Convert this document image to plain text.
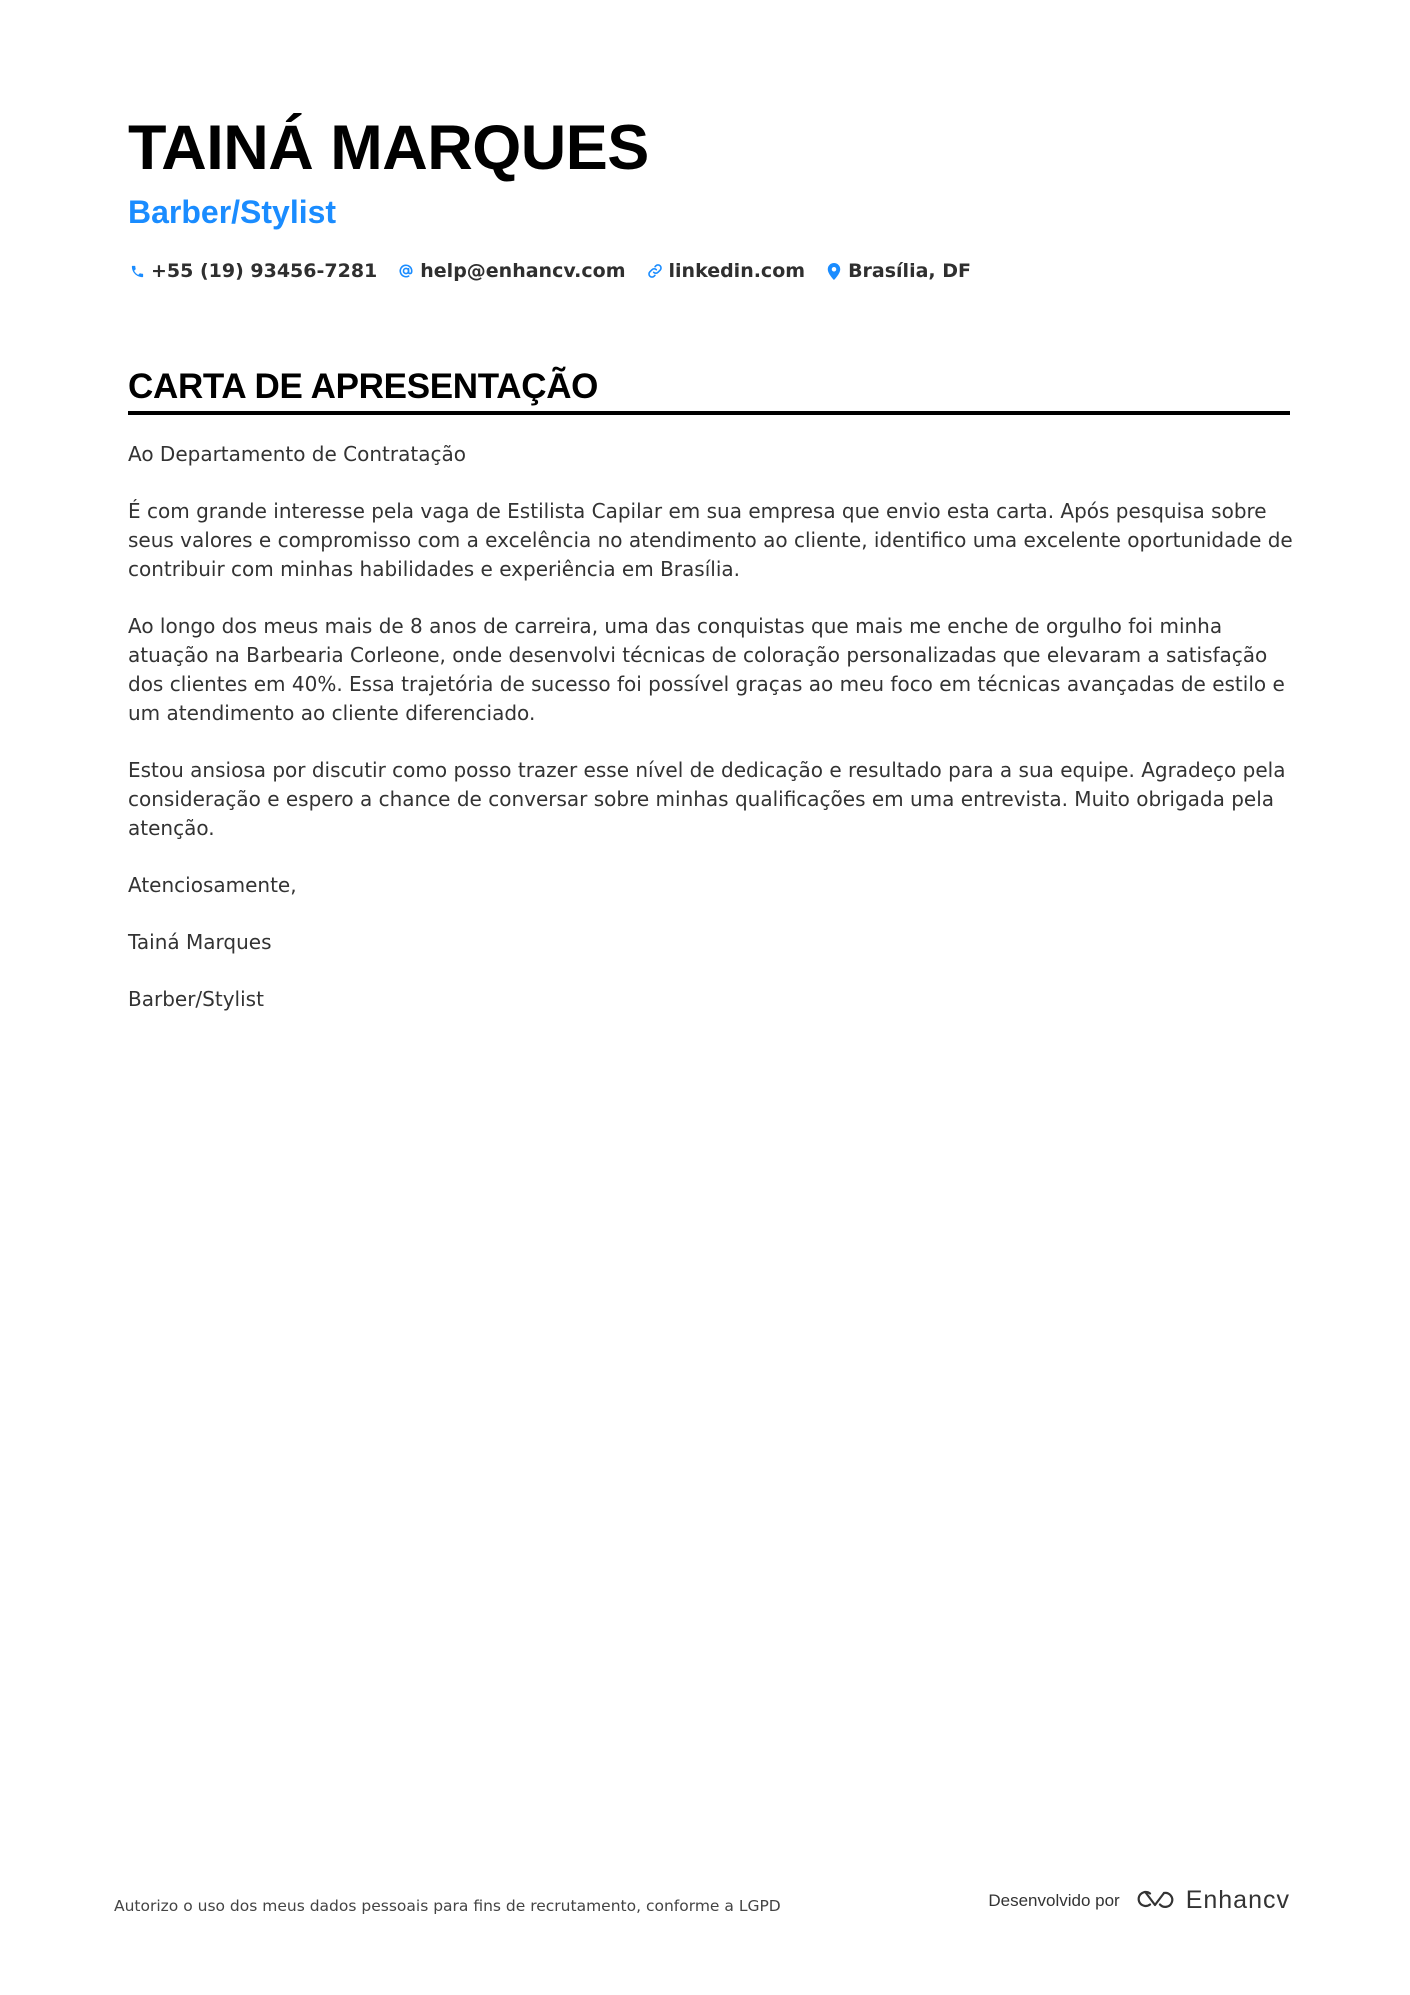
TAINÁ MARQUES
Barber/Stylist
+55 (19) 93456-7281 help@enhancv.com linkedin.com Brasília, DF
CARTA DE APRESENTAÇÃO

Ao Departamento de Contratação

É com grande interesse pela vaga de Estilista Capilar em sua empresa que envio esta carta. Após pesquisa sobre seus valores e compromisso com a excelência no atendimento ao cliente, identifico uma excelente oportunidade de contribuir com minhas habilidades e experiência em Brasília.

Ao longo dos meus mais de 8 anos de carreira, uma das conquistas que mais me enche de orgulho foi minha atuação na Barbearia Corleone, onde desenvolvi técnicas de coloração personalizadas que elevaram a satisfação dos clientes em 40%. Essa trajetória de sucesso foi possível graças ao meu foco em técnicas avançadas de estilo e um atendimento ao cliente diferenciado.

Estou ansiosa por discutir como posso trazer esse nível de dedicação e resultado para a sua equipe. Agradeço pela consideração e espero a chance de conversar sobre minhas qualificações em uma entrevista. Muito obrigada pela atenção.

Atenciosamente,

Tainá Marques

Barber/Stylist

Autorizo o uso dos meus dados pessoais para fins de recrutamento, conforme a LGPD	Desenvolvido por	Enhancv
